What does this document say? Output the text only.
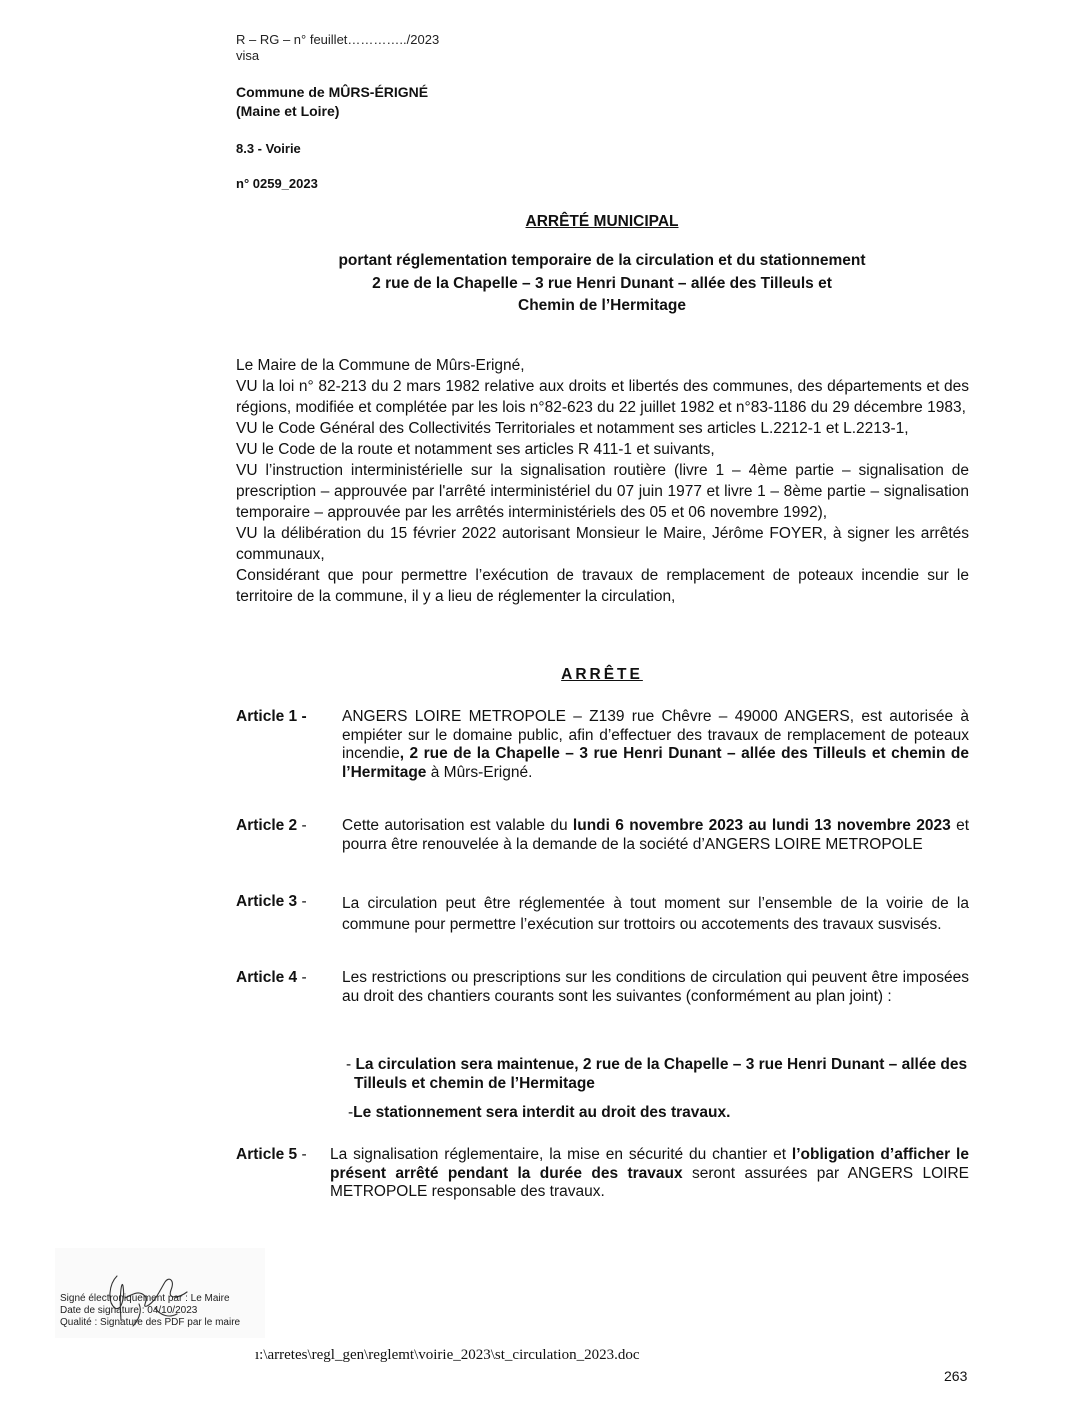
R – RG – n° feuillet…………../2023
visa
Commune de MÛRS-ÉRIGNÉ
(Maine et Loire)
8.3 - Voirie
n° 0259_2023
ARRÊTÉ MUNICIPAL
portant réglementation temporaire de la circulation et du stationnement
2 rue de la Chapelle – 3 rue Henri Dunant – allée des Tilleuls et
Chemin de l’Hermitage

Le Maire de la Commune de Mûrs-Erigné,

VU la loi n° 82-213 du 2 mars 1982 relative aux droits et libertés des communes, des départements et des régions, modifiée et complétée par les lois n°82-623 du 22 juillet 1982 et n°83-1186 du 29 décembre 1983,

VU le Code Général des Collectivités Territoriales et notamment ses articles L.2212-1 et L.2213-1,

VU le Code de la route et notamment ses articles R 411-1 et suivants,

VU l’instruction interministérielle sur la signalisation routière (livre 1 – 4ème partie – signalisation de prescription – approuvée par l'arrêté interministériel du 07 juin 1977 et livre 1 – 8ème partie – signalisation temporaire – approuvée par les arrêtés interministériels des 05 et 06 novembre 1992),

VU la délibération du 15 février 2022 autorisant Monsieur le Maire, Jérôme FOYER, à signer les arrêtés communaux,

Considérant que pour permettre l’exécution de travaux de remplacement de poteaux incendie sur le territoire de la commune, il y a lieu de réglementer la circulation,

ARRÊTE
Article 1 - ANGERS LOIRE METROPOLE – Z139 rue Chêvre – 49000 ANGERS, est autorisée à empiéter sur le domaine public, afin d’effectuer des travaux de remplacement de poteaux incendie, 2 rue de la Chapelle – 3 rue Henri Dunant – allée des Tilleuls et chemin de l’Hermitage à Mûrs-Erigné.
Article 2 - Cette autorisation est valable du lundi 6 novembre 2023 au lundi 13 novembre 2023 et pourra être renouvelée à la demande de la société d’ANGERS LOIRE METROPOLE
Article 3 - La circulation peut être réglementée à tout moment sur l’ensemble de la voirie de la commune pour permettre l’exécution sur trottoirs ou accotements des travaux susvisés.
Article 4 - Les restrictions ou prescriptions sur les conditions de circulation qui peuvent être imposées au droit des chantiers courants sont les suivantes (conformément au plan joint) :
- La circulation sera maintenue, 2 rue de la Chapelle – 3 rue Henri Dunant – allée des Tilleuls et chemin de l’Hermitage
-Le stationnement sera interdit au droit des travaux.
Article 5 - La signalisation réglementaire, la mise en sécurité du chantier et l’obligation d’afficher le présent arrêté pendant la durée des travaux seront assurées par ANGERS LOIRE METROPOLE responsable des travaux.
Signé électroniquement par : Le Maire
Date de signature : 04/10/2023
Qualité : Signature des PDF par le maire
ı:\arretes\regl_gen\reglemt\voirie_2023\st_circulation_2023.doc
263
